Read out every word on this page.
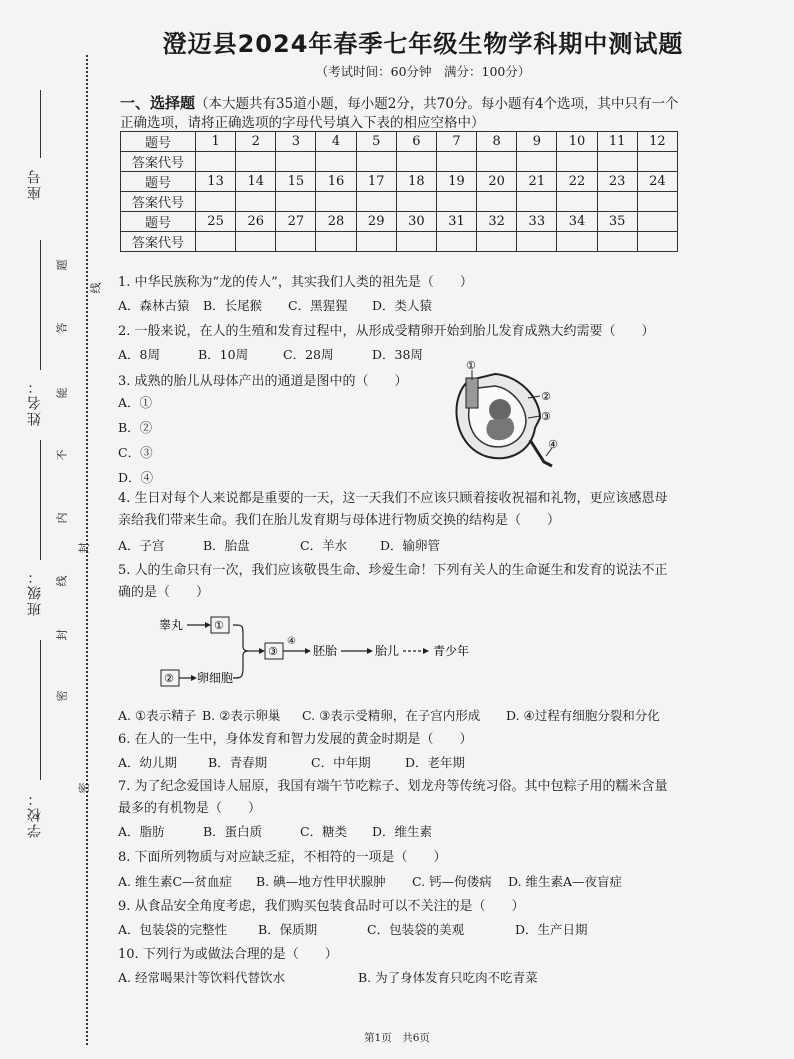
座号
姓名：
班级：
学校：
题
答
能
不
内
线
封
密
线
封
密
澄迈县2024年春季七年级生物学科期中测试题
（考试时间：60分钟　满分：100分）
一、选择题（本大题共有35道小题，每小题2分，共70分。每小题有4个选项，其中只有一个正确选项，请将正确选项的字母代号填入下表的相应空格中）
题号	1	2	3	4	5	6	7	8	9	10	11	12
答案代号												
题号	13	14	15	16	17	18	19	20	21	22	23	24
答案代号												
题号	25	26	27	28	29	30	31	32	33	34	35	
答案代号												
1. 中华民族称为“龙的传人”，其实我们人类的祖先是（　　）
A．森林古猿 B．长尾猴 C．黑猩猩 D．类人猿
2. 一般来说，在人的生殖和发育过程中，从形成受精卵开始到胎儿发育成熟大约需要（　　）
A．8周	B．10周	C．28周	D．38周
3. 成熟的胎儿从母体产出的通道是图中的（　　）
A．①
B．②
C．③
D．④
①
②
③
④
4. 生日对每个人来说都是重要的一天，这一天我们不应该只顾着接收祝福和礼物，更应该感恩母亲给我们带来生命。我们在胎儿发育期与母体进行物质交换的结构是（　　）
A．子宫	B．胎盘	C．羊水	D．输卵管
5. 人的生命只有一次，我们应该敬畏生命、珍爱生命！下列有关人的生命诞生和发育的说法不正确的是（　　）
睾丸	①
② 卵细胞
③
④
胚胎	胎儿	青少年
A. ①表示精子 B. ②表示卵巢 C. ③表示受精卵，在子宫内形成 D. ④过程有细胞分裂和分化
6. 在人的一生中，身体发育和智力发展的黄金时期是（　　）
A．幼儿期 B．青春期	C．中年期	D．老年期
7. 为了纪念爱国诗人屈原，我国有端午节吃粽子、划龙舟等传统习俗。其中包粽子用的糯米含量最多的有机物是（　　）
A．脂肪	B．蛋白质	C．糖类 D．维生素
8. 下面所列物质与对应缺乏症，不相符的一项是（　　）
A. 维生素C—贫血症 B. 碘—地方性甲状腺肿 C. 钙—佝偻病 D. 维生素A—夜盲症
9. 从食品安全角度考虑，我们购买包装食品时可以不关注的是（　　）
A．包装袋的完整性 B．保质期	C．包装袋的美观	D．生产日期
10. 下列行为或做法合理的是（　　）
A. 经常喝果汁等饮料代替饮水	B. 为了身体发育只吃肉不吃青菜
第1页　共6页
